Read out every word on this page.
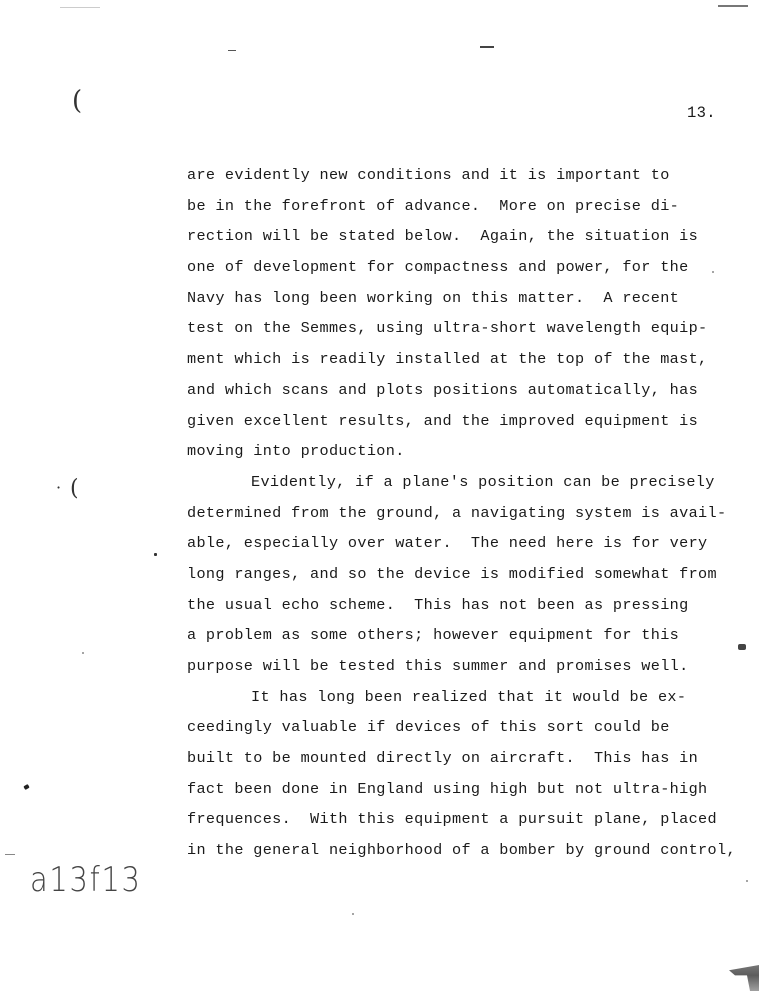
13.
(
· (
are evidently new conditions and it is important to
be in the forefront of advance.  More on precise di-
rection will be stated below.  Again, the situation is
one of development for compactness and power, for the
Navy has long been working on this matter.  A recent
test on the Semmes, using ultra-short wavelength equip-
ment which is readily installed at the top of the mast,
and which scans and plots positions automatically, has
given excellent results, and the improved equipment is
moving into production.
Evidently, if a plane's position can be precisely
determined from the ground, a navigating system is avail-
able, especially over water.  The need here is for very
long ranges, and so the device is modified somewhat from
the usual echo scheme.  This has not been as pressing
a problem as some others; however equipment for this
purpose will be tested this summer and promises well.
It has long been realized that it would be ex-
ceedingly valuable if devices of this sort could be
built to be mounted directly on aircraft.  This has in
fact been done in England using high but not ultra-high
frequences.  With this equipment a pursuit plane, placed
in the general neighborhood of a bomber by ground control,
a13f13
